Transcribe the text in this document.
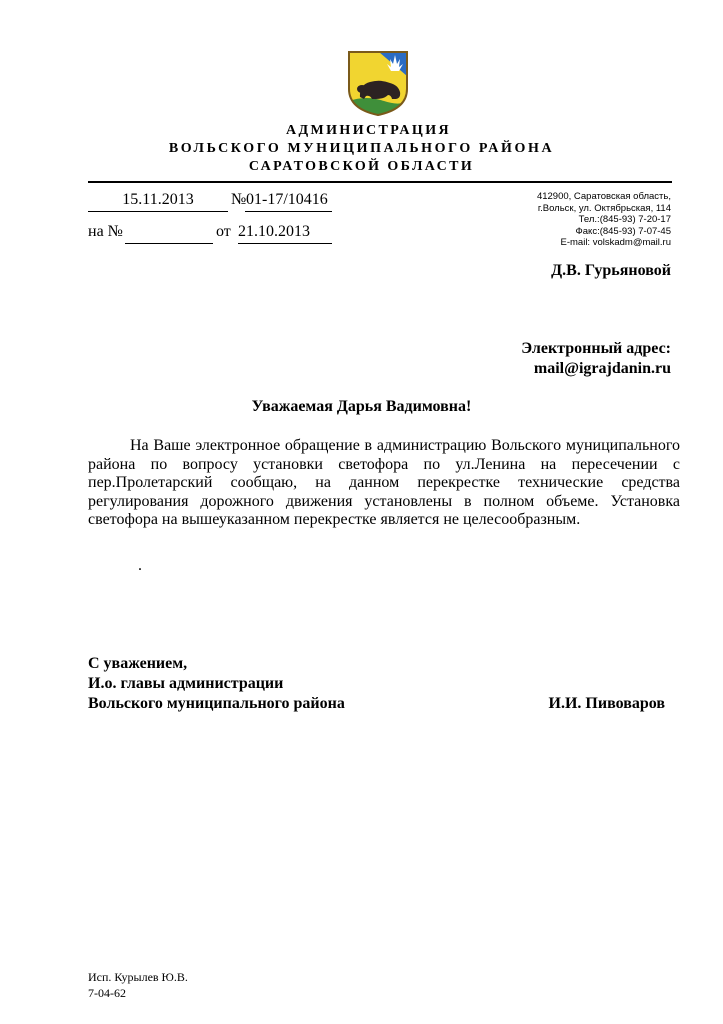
АДМИНИСТРАЦИЯ
ВОЛЬСКОГО МУНИЦИПАЛЬНОГО РАЙОНА
САРАТОВСКОЙ ОБЛАСТИ
15.11.2013	№ 01-17/10416
на №	от 21.10.2013
412900, Саратовская область,
г.Вольск, ул. Октябрьская, 114
Тел.:(845-93) 7-20-17
Факс:(845-93) 7-07-45
E-mail: volskadm@mail.ru
Д.В. Гурьяновой
Электронный адрес:
mail@igrajdanin.ru
Уважаемая Дарья Вадимовна!

На Ваше электронное обращение в администрацию Вольского муниципального района по вопросу установки светофора по ул.Ленина на пересечении с пер.Пролетарский сообщаю, на данном перекрестке технические средства регулирования дорожного движения установлены в полном объеме. Установка светофора на вышеуказанном перекрестке является не целесообразным.

.
С уважением,
И.о. главы администрации
Вольского муниципального района	И.И. Пивоваров
Исп. Курылев Ю.В.
7-04-62
